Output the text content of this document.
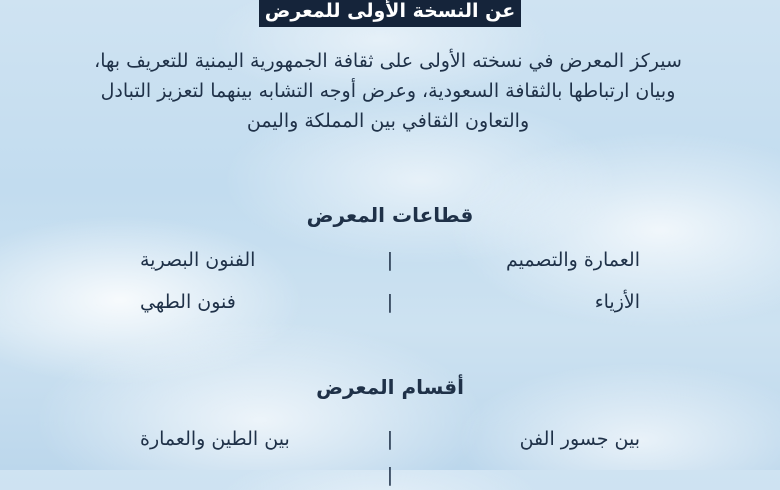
عن النسخة الأولى للمعرض

سيركز المعرض في نسخته الأولى على ثقافة الجمهورية اليمنية للتعريف بها، وبيان ارتباطها بالثقافة السعودية، وعرض أوجه التشابه بينهما لتعزيز التبادل والتعاون الثقافي بين المملكة واليمن

قطاعات المعرض
العمارة والتصميم
|
الفنون البصرية
الأزياء
|
فنون الطهي
أقسام المعرض
بين جسور الفن
|
بين الطين والعمارة
|
